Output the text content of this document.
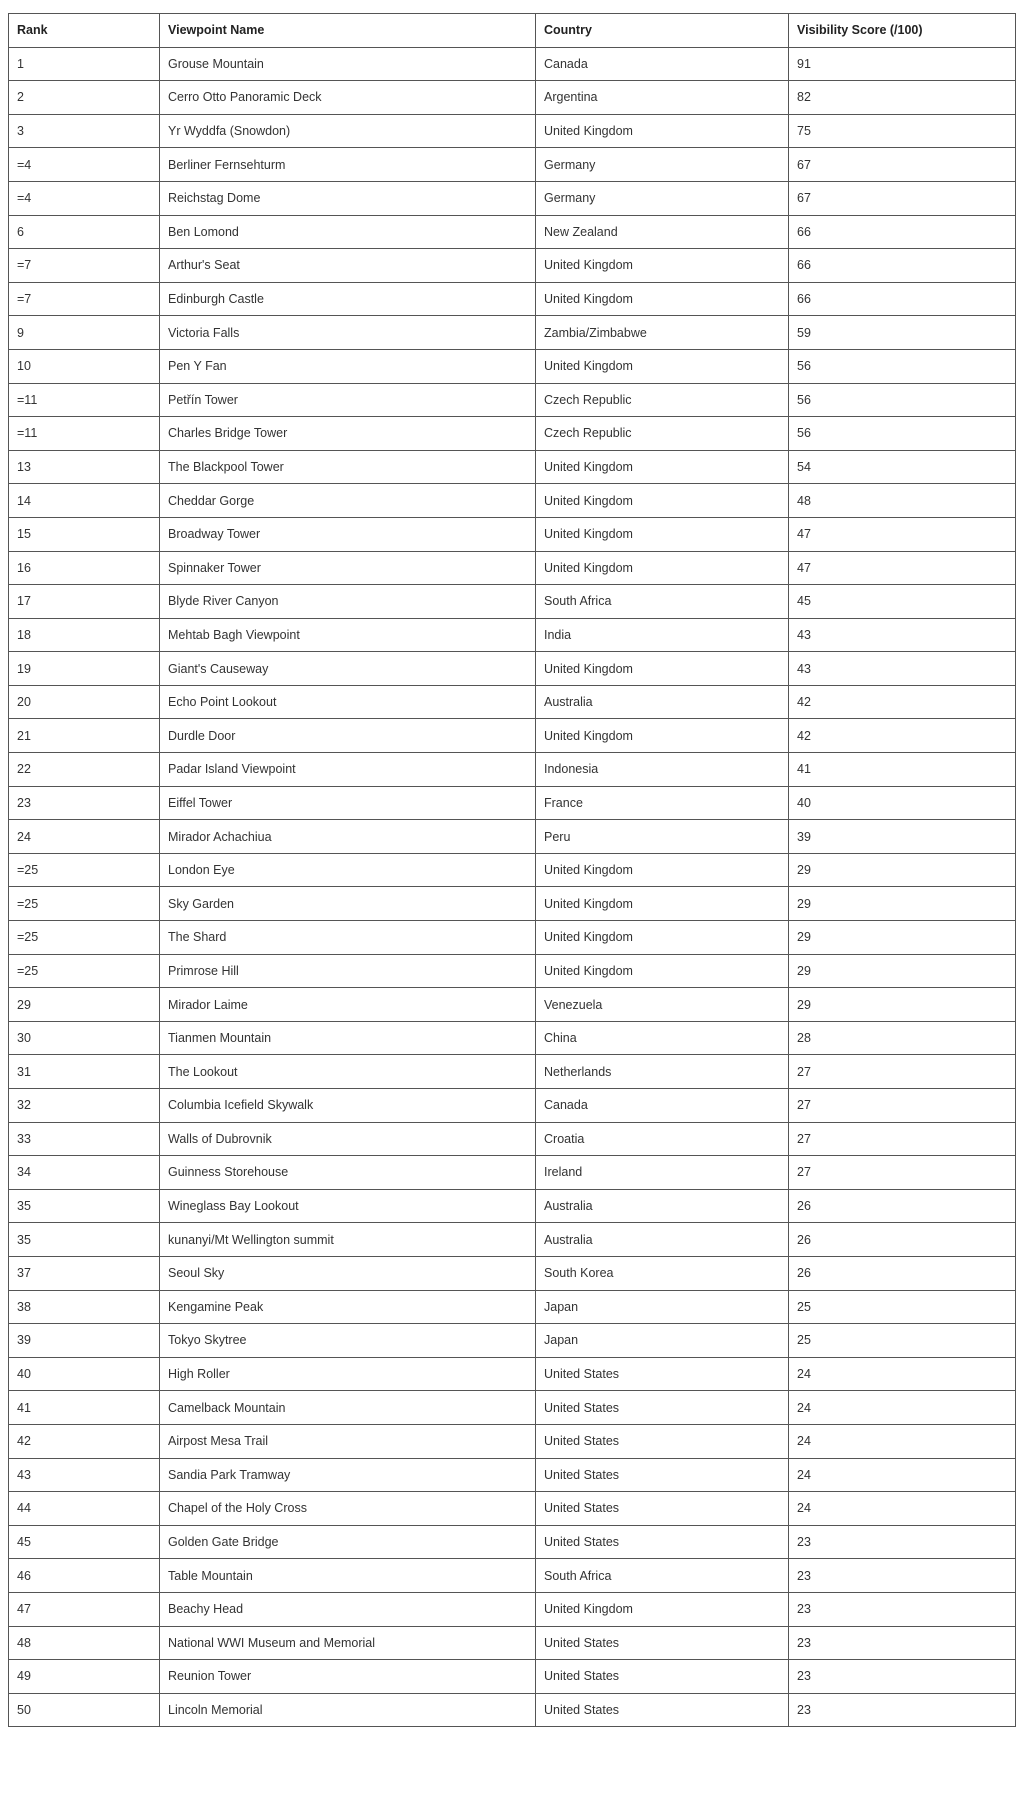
Rank	Viewpoint Name	Country	Visibility Score (/100)
1	Grouse Mountain	Canada	91
2	Cerro Otto Panoramic Deck	Argentina	82
3	Yr Wyddfa (Snowdon)	United Kingdom	75
=4	Berliner Fernsehturm	Germany	67
=4	Reichstag Dome	Germany	67
6	Ben Lomond	New Zealand	66
=7	Arthur's Seat	United Kingdom	66
=7	Edinburgh Castle	United Kingdom	66
9	Victoria Falls	Zambia/Zimbabwe	59
10	Pen Y Fan	United Kingdom	56
=11	Petřín Tower	Czech Republic	56
=11	Charles Bridge Tower	Czech Republic	56
13	The Blackpool Tower	United Kingdom	54
14	Cheddar Gorge	United Kingdom	48
15	Broadway Tower	United Kingdom	47
16	Spinnaker Tower	United Kingdom	47
17	Blyde River Canyon	South Africa	45
18	Mehtab Bagh Viewpoint	India	43
19	Giant's Causeway	United Kingdom	43
20	Echo Point Lookout	Australia	42
21	Durdle Door	United Kingdom	42
22	Padar Island Viewpoint	Indonesia	41
23	Eiffel Tower	France	40
24	Mirador Achachiua	Peru	39
=25	London Eye	United Kingdom	29
=25	Sky Garden	United Kingdom	29
=25	The Shard	United Kingdom	29
=25	Primrose Hill	United Kingdom	29
29	Mirador Laime	Venezuela	29
30	Tianmen Mountain	China	28
31	The Lookout	Netherlands	27
32	Columbia Icefield Skywalk	Canada	27
33	Walls of Dubrovnik	Croatia	27
34	Guinness Storehouse	Ireland	27
35	Wineglass Bay Lookout	Australia	26
35	kunanyi/Mt Wellington summit	Australia	26
37	Seoul Sky	South Korea	26
38	Kengamine Peak	Japan	25
39	Tokyo Skytree	Japan	25
40	High Roller	United States	24
41	Camelback Mountain	United States	24
42	Airpost Mesa Trail	United States	24
43	Sandia Park Tramway	United States	24
44	Chapel of the Holy Cross	United States	24
45	Golden Gate Bridge	United States	23
46	Table Mountain	South Africa	23
47	Beachy Head	United Kingdom	23
48	National WWI Museum and Memorial	United States	23
49	Reunion Tower	United States	23
50	Lincoln Memorial	United States	23
